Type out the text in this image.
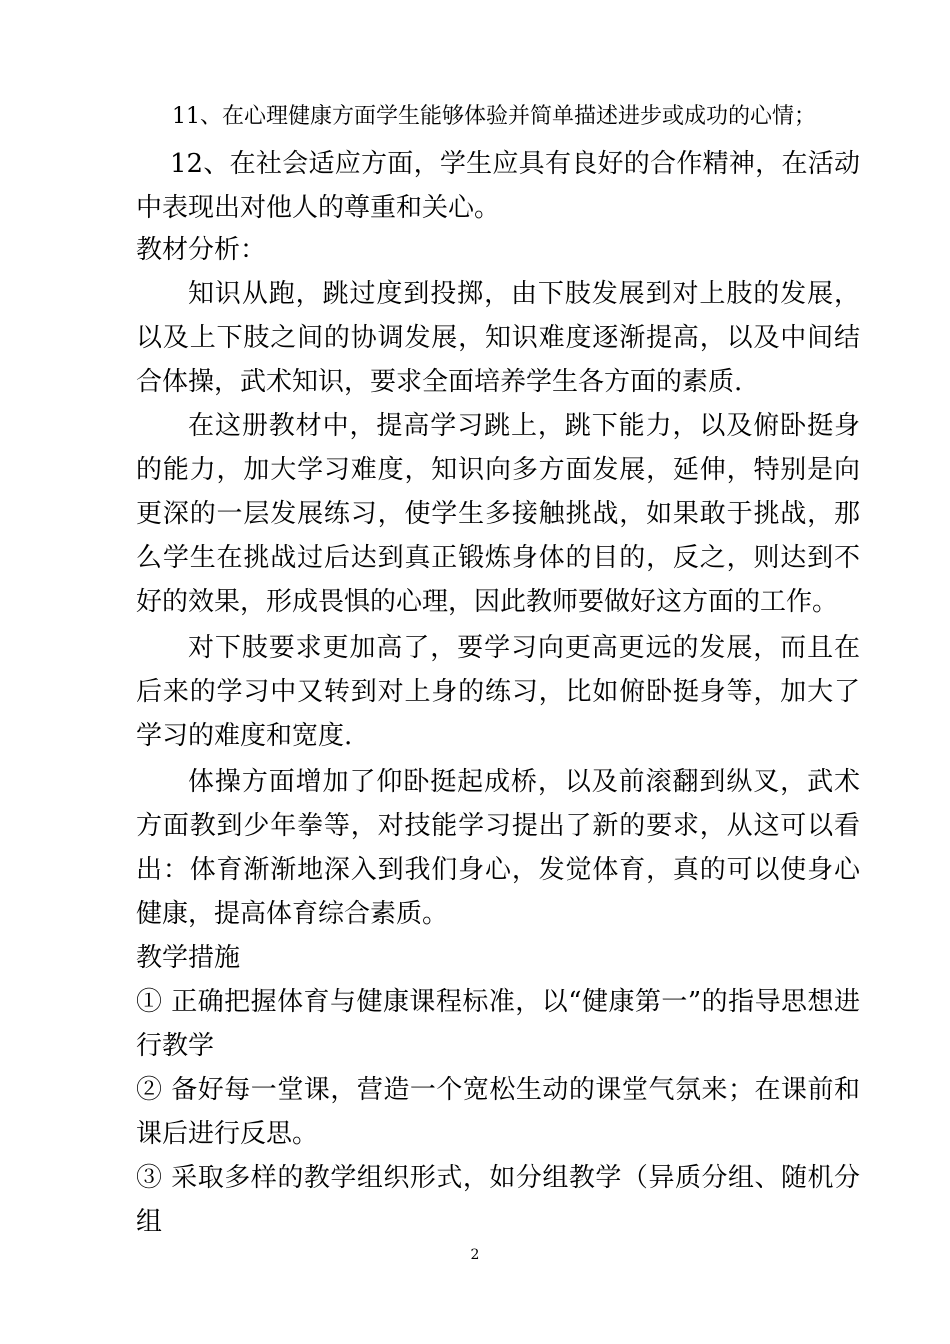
11、在心理健康方面学生能够体验并简单描述进步或成功的心情；

12、在社会适应方面，学生应具有良好的合作精神，在活动中表现出对他人的尊重和关心。

教材分析：

知识从跑，跳过度到投掷，由下肢发展到对上肢的发展，以及上下肢之间的协调发展，知识难度逐渐提高，以及中间结合体操，武术知识，要求全面培养学生各方面的素质.

在这册教材中，提高学习跳上，跳下能力，以及俯卧挺身的能力，加大学习难度，知识向多方面发展，延伸，特别是向更深的一层发展练习，使学生多接触挑战，如果敢于挑战，那么学生在挑战过后达到真正锻炼身体的目的，反之，则达到不好的效果，形成畏惧的心理，因此教师要做好这方面的工作。

对下肢要求更加高了，要学习向更高更远的发展，而且在后来的学习中又转到对上身的练习，比如俯卧挺身等，加大了学习的难度和宽度.

体操方面增加了仰卧挺起成桥，以及前滚翻到纵叉，武术方面教到少年拳等，对技能学习提出了新的要求，从这可以看出：体育渐渐地深入到我们身心，发觉体育，真的可以使身心健康，提高体育综合素质。

教学措施

① 正确把握体育与健康课程标准，以“健康第一”的指导思想进行教学

② 备好每一堂课，营造一个宽松生动的课堂气氛来；在课前和课后进行反思。

③ 采取多样的教学组织形式，如分组教学（异质分组、随机分组

2
